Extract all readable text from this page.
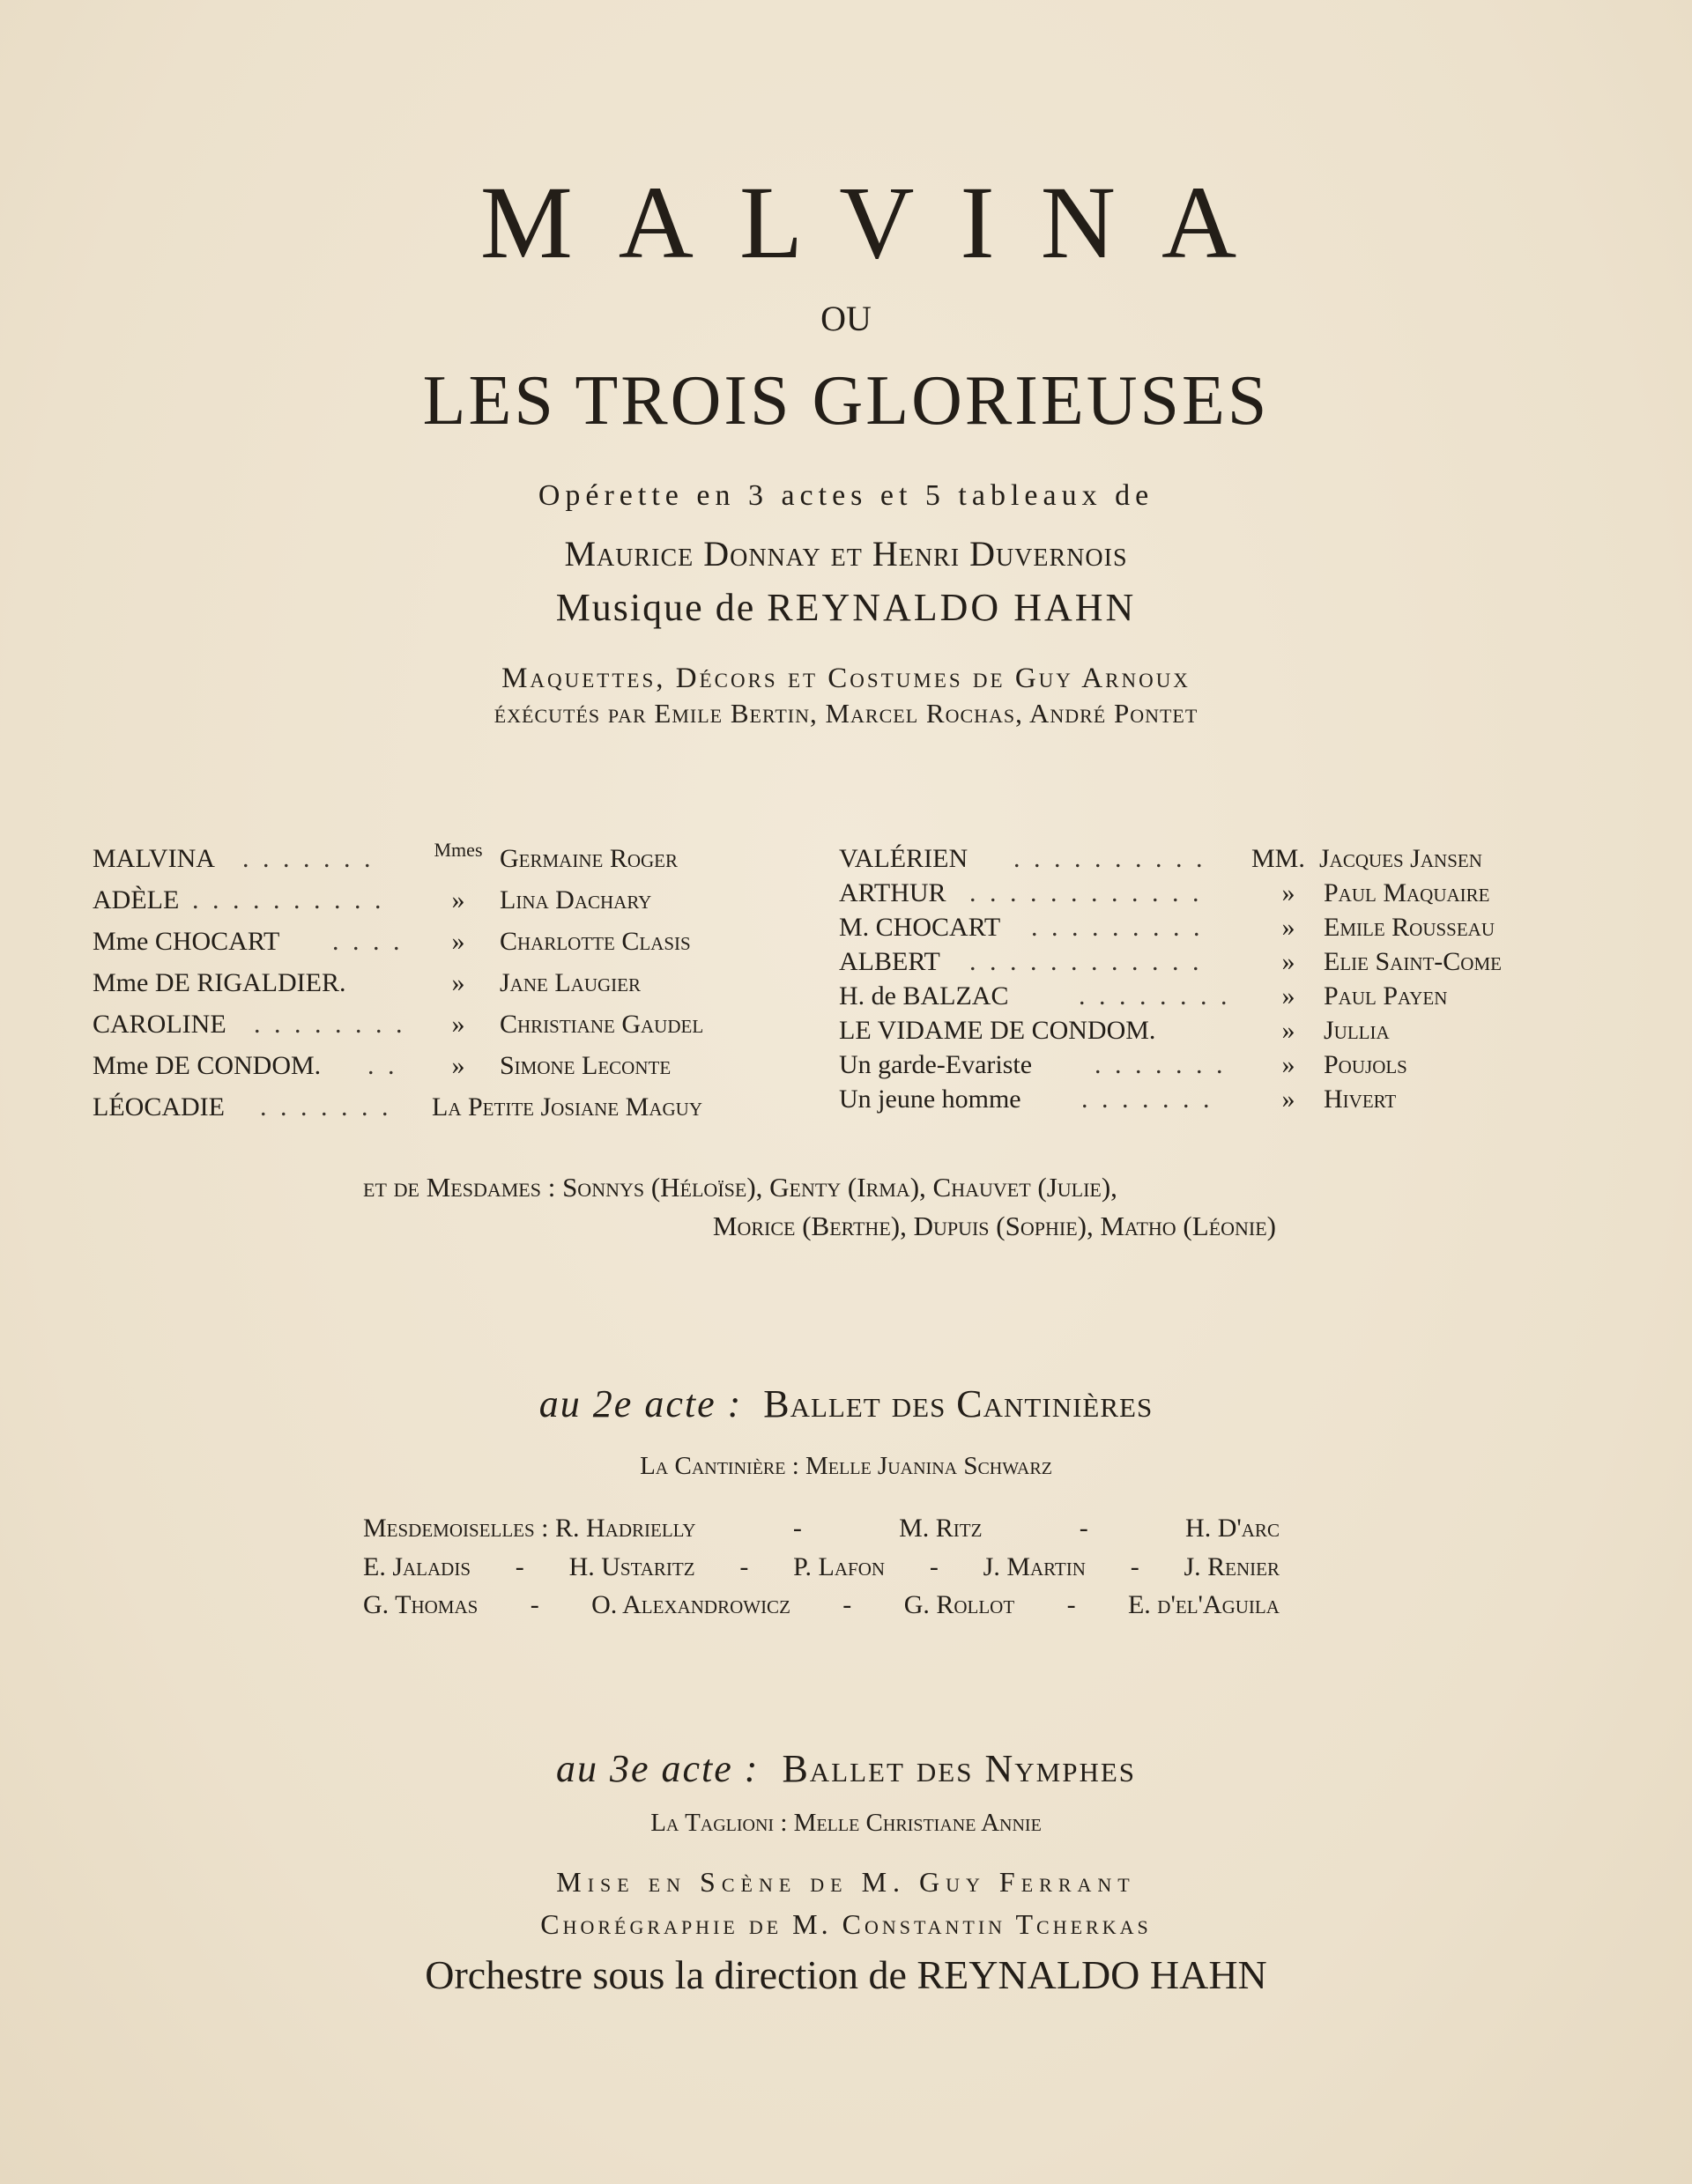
MALVINA
OU
LES TROIS GLORIEUSES
Opérette en 3 actes et 5 tableaux de
Maurice Donnay et Henri Duvernois
Musique de REYNALDO HAHN
Maquettes, Décors et Costumes de Guy Arnoux
éxécutés par Emile Bertin, Marcel Rochas, André Pontet
MALVINA . . . . . . .	Mmes Germaine Roger
ADÈLE . . . . . . . . . .	»	Lina Dachary
Mme CHOCART . . . .	»	Charlotte Clasis
Mme DE RIGALDIER.	»	Jane Laugier
CAROLINE . . . . . . . .	»	Christiane Gaudel
Mme DE CONDOM. . .	»	Simone Leconte
LÉOCADIE . . . . . . . La Petite Josiane Maguy
VALÉRIEN . . . . . . . . . . MM. Jacques Jansen
ARTHUR . . . . . . . . . . . .	»	Paul Maquaire
M. CHOCART . . . . . . . . .	»	Emile Rousseau
ALBERT . . . . . . . . . . . .	»	Elie Saint-Come
H. de BALZAC	. . . . . . . .	»	Paul Payen
LE VIDAME DE CONDOM.	»	Jullia
Un garde-Evariste . . . . . . .	»	Poujols
Un jeune homme . . . . . . .	»	Hivert
et de Mesdames : Sonnys (Héloïse), Genty (Irma), Chauvet (Julie),
Morice (Berthe), Dupuis (Sophie), Matho (Léonie)
au 2e acte : Ballet des Cantinières
La Cantinière : Melle Juanina Schwarz
Mesdemoiselles : R. Hadrielly	-	M. Ritz	-	H. D'arc
E. Jaladis - H. Ustaritz - P. Lafon - J. Martin - J. Renier
G. Thomas - O. Alexandrowicz - G. Rollot - E. d'el'Aguila
au 3e acte : Ballet des Nymphes
La Taglioni : Melle Christiane Annie
Mise en Scène de M. Guy Ferrant
Chorégraphie de M. Constantin Tcherkas
Orchestre sous la direction de REYNALDO HAHN
